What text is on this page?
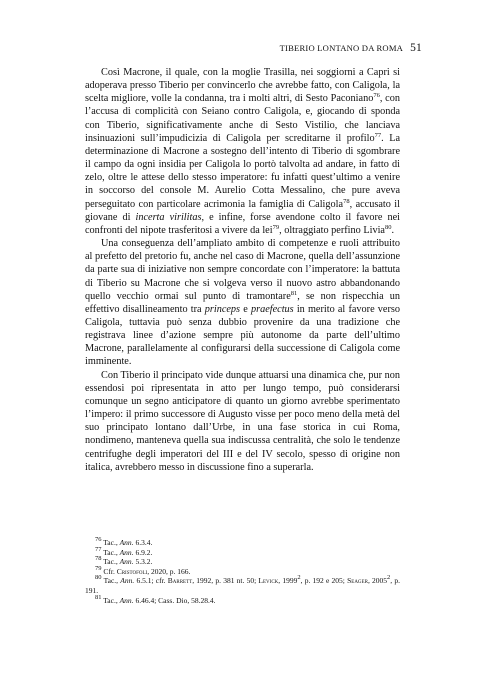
TIBERIO LONTANO DA ROMA 51

Così Macrone, il quale, con la moglie Trasilla, nei soggiorni a Capri si adoperava presso Tiberio per convincerlo che avrebbe fatto, con Caligola, la scelta migliore, volle la condanna, tra i molti altri, di Sesto Paconiano$^{76}$, con l’accusa di complicità con Seiano contro Caligola, e, giocando di sponda con Tiberio, significativamente anche di Sesto Vistilio, che lanciava insinuazioni sull’impudicizia di Caligola per screditarne il profilo$^{77}$. La determinazione di Macrone a sostegno dell’intento di Tiberio di sgombrare il campo da ogni insidia per Caligola lo portò talvolta ad andare, in fatto di zelo, oltre le attese dello stesso imperatore: fu infatti quest’ultimo a venire in soccorso del console M. Aurelio Cotta Messalino, che pure aveva perseguitato con particolare acrimonia la famiglia di Caligola$^{78}$, accusato il giovane di incerta virilitas, e infine, forse avendone colto il favore nei confronti del nipote trasferitosi a vivere da lei$^{79}$, oltraggiato perfino Livia$^{80}$.

Una conseguenza dell’ampliato ambito di competenze e ruoli attribuito al prefetto del pretorio fu, anche nel caso di Macrone, quella dell’assunzione da parte sua di iniziative non sempre concordate con l’imperatore: la battuta di Tiberio su Macrone che si volgeva verso il nuovo astro abbandonando quello vecchio ormai sul punto di tramontare$^{81}$, se non rispecchia un effettivo disallineamento tra princeps e praefectus in merito al favore verso Caligola, tuttavia può senza dubbio provenire da una tradizione che registrava linee d’azione sempre più autonome da parte dell’ultimo Macrone, parallelamente al configurarsi della successione di Caligola come imminente.

Con Tiberio il principato vide dunque attuarsi una dinamica che, pur non essendosi poi ripresentata in atto per lungo tempo, può considerarsi comunque un segno anticipatore di quanto un giorno avrebbe sperimentato l’impero: il primo successore di Augusto visse per poco meno della metà del suo principato lontano dall’Urbe, in una fase storica in cui Roma, nondimeno, manteneva quella sua indiscussa centralità, che solo le tendenze centrifughe degli imperatori del III e del IV secolo, spesso di origine non italica, avrebbero messo in discussione fino a superarla.

$^{76}$ Tac., Ann. 6.3.4.

$^{77}$ Tac., Ann. 6.9.2.

$^{78}$ Tac., Ann. 5.3.2.

$^{79}$ Cfr. Cristofoli, 2020, p. 166.

$^{80}$ Tac., Ann. 6.5.1; cfr. Barrett, 1992, p. 381 nt. 50; Levick, 1999$^2$, p. 192 e 205; Seager, 2005$^2$, p. 191.

$^{81}$ Tac., Ann. 6.46.4; Cass. Dio, 58.28.4.
